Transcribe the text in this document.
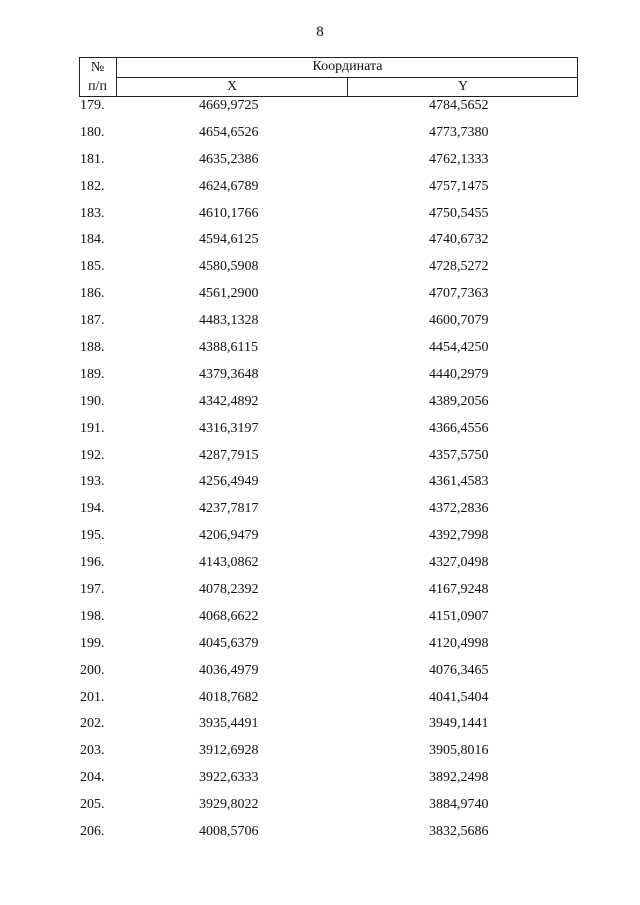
8
№
п/п
Координата
X	Y
179.	4669,9725	4784,5652
180.	4654,6526	4773,7380
181.	4635,2386	4762,1333
182.	4624,6789	4757,1475
183.	4610,1766	4750,5455
184.	4594,6125	4740,6732
185.	4580,5908	4728,5272
186.	4561,2900	4707,7363
187.	4483,1328	4600,7079
188.	4388,6115	4454,4250
189.	4379,3648	4440,2979
190.	4342,4892	4389,2056
191.	4316,3197	4366,4556
192.	4287,7915	4357,5750
193.	4256,4949	4361,4583
194.	4237,7817	4372,2836
195.	4206,9479	4392,7998
196.	4143,0862	4327,0498
197.	4078,2392	4167,9248
198.	4068,6622	4151,0907
199.	4045,6379	4120,4998
200.	4036,4979	4076,3465
201.	4018,7682	4041,5404
202.	3935,4491	3949,1441
203.	3912,6928	3905,8016
204.	3922,6333	3892,2498
205.	3929,8022	3884,9740
206.	4008,5706	3832,5686
